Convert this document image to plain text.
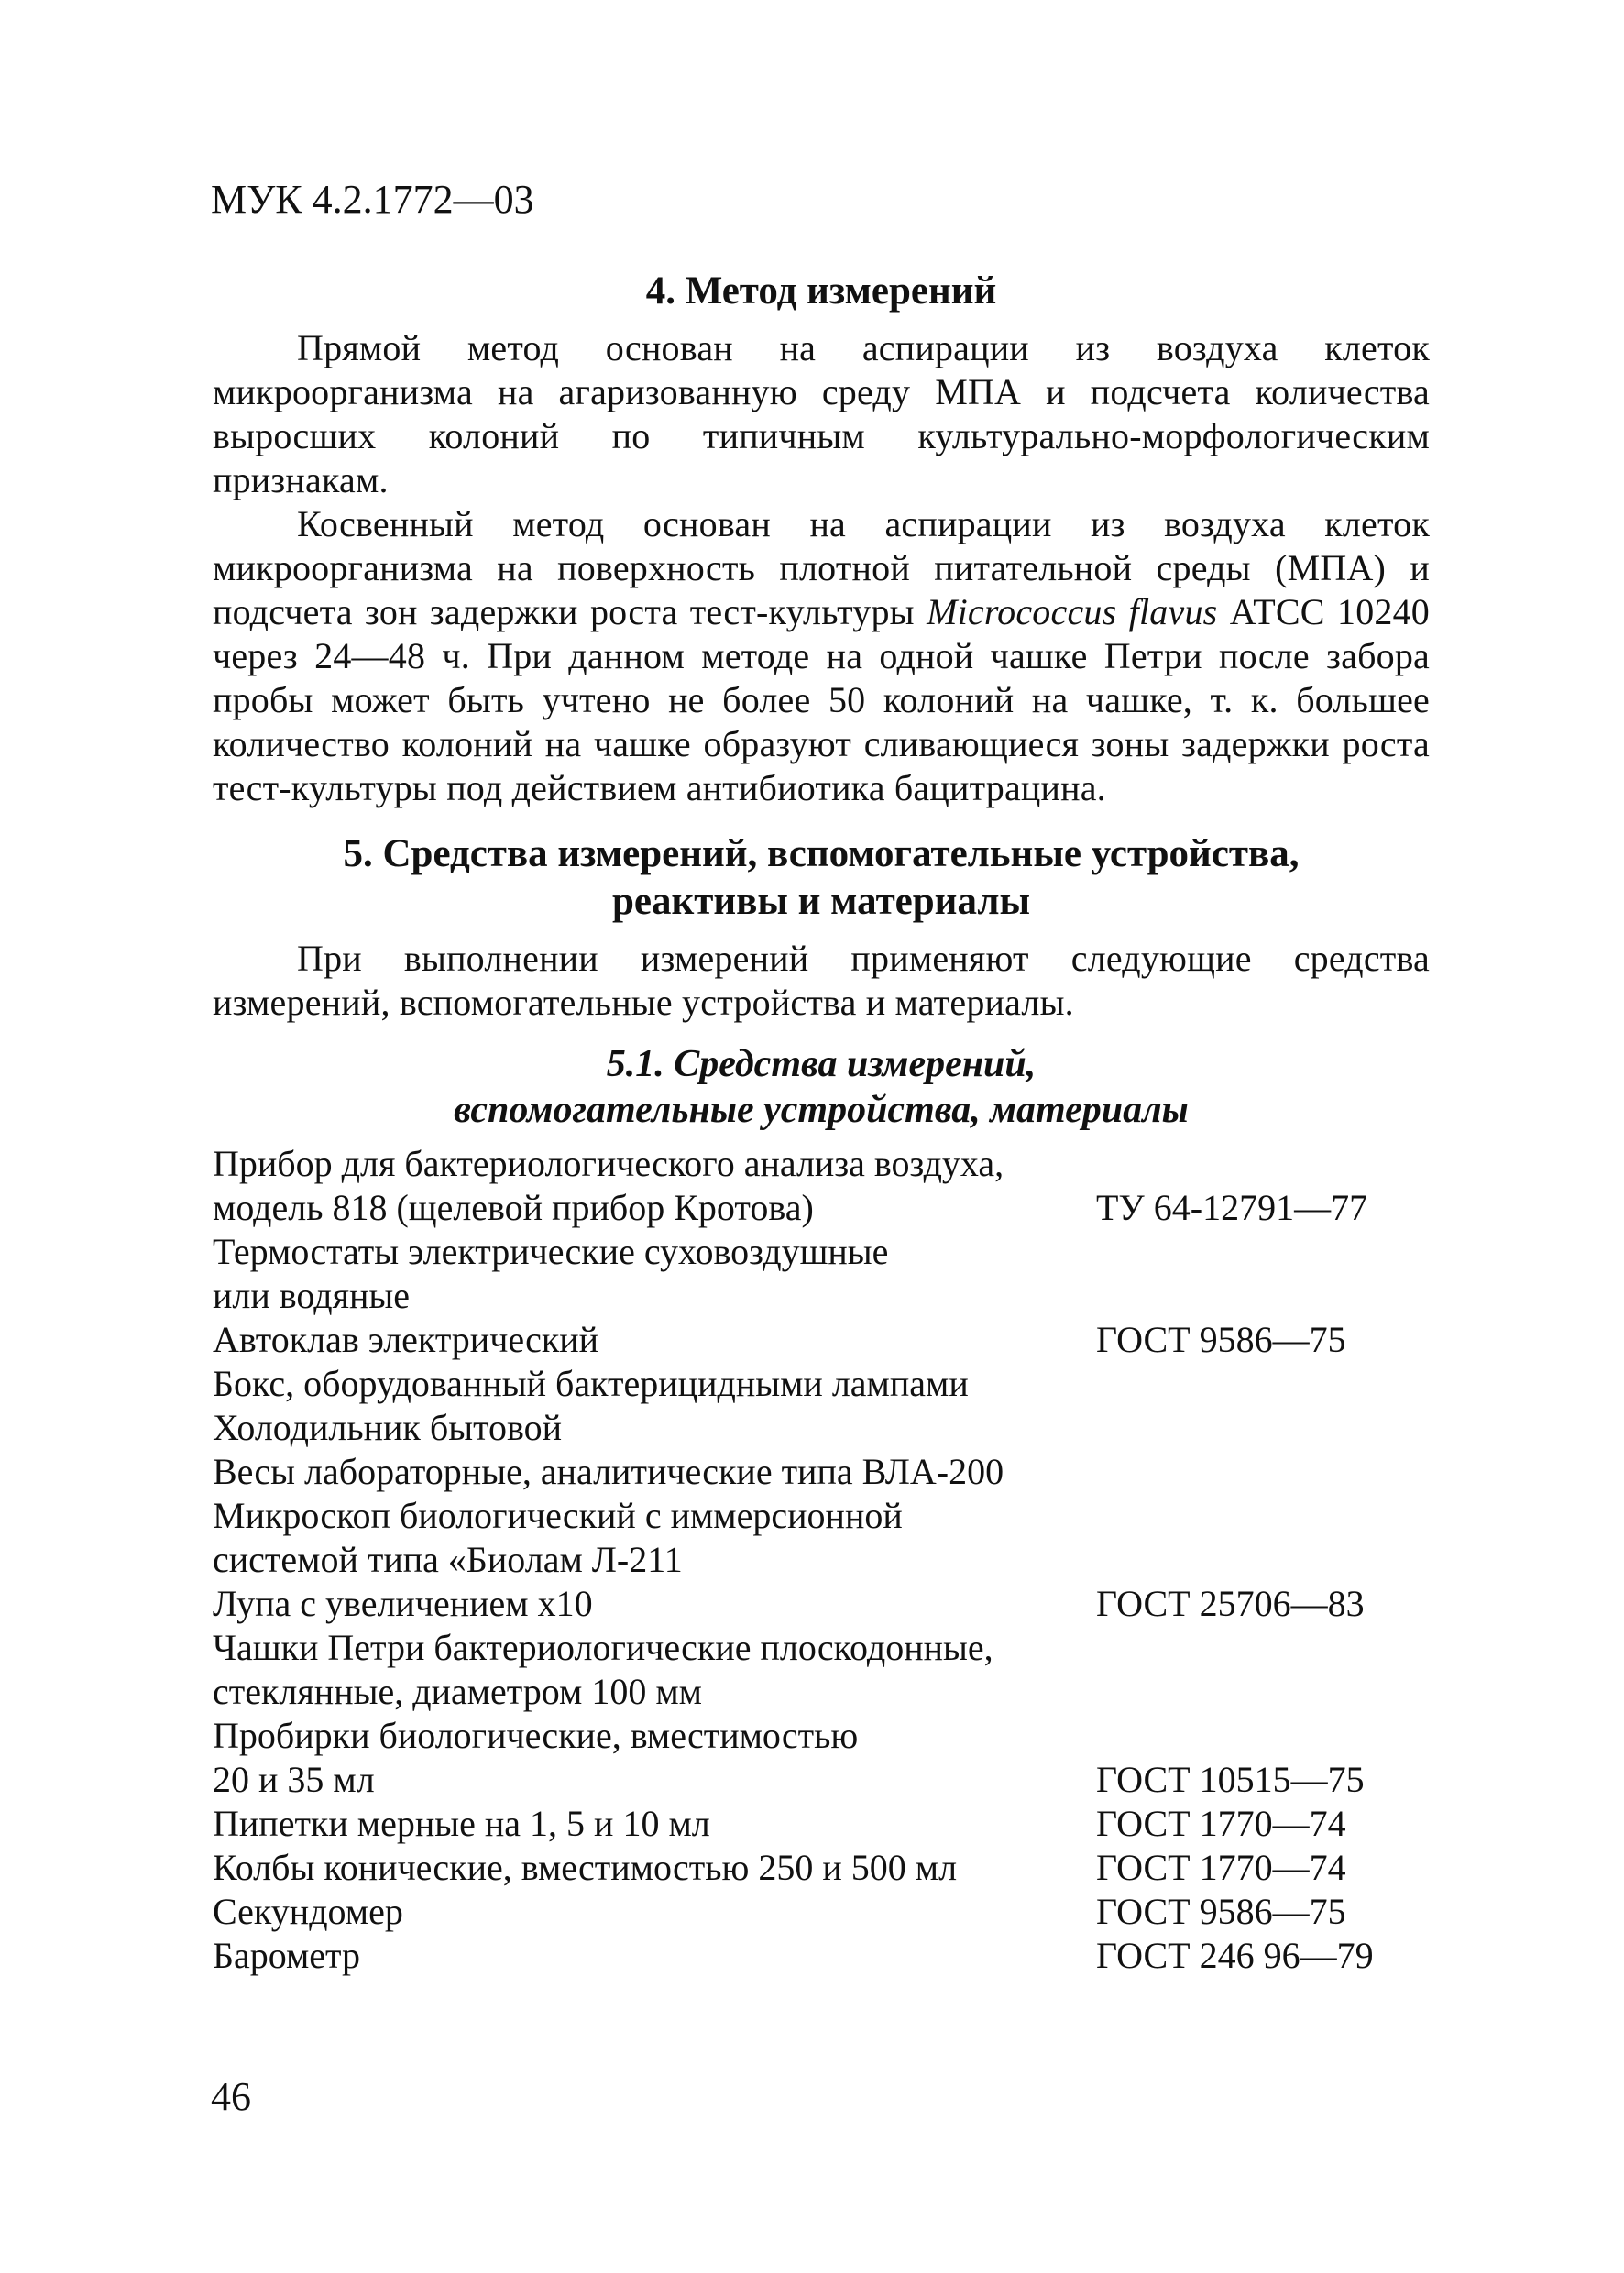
МУК 4.2.1772—03
4. Метод измерений

Прямой метод основан на аспирации из воздуха клеток микроорганизма на агаризованную среду МПА и подсчета количества выросших колоний по типичным культурально-морфологическим признакам.

Косвенный метод основан на аспирации из воздуха клеток микроорганизма на поверхность плотной питательной среды (МПА) и подсчета зон задержки роста тест-культуры Micrococcus flavus АТСС 10240 через 24—48 ч. При данном методе на одной чашке Петри после забора пробы может быть учтено не более 50 колоний на чашке, т. к. большее количество колоний на чашке образуют сливающиеся зоны задержки роста тест-культуры под действием антибиотика бацитрацина.

5. Средства измерений, вспомогательные устройства,
реактивы и материалы

При выполнении измерений применяют следующие средства измерений, вспомогательные устройства и материалы.

5.1. Средства измерений,
вспомогательные устройства, материалы
Прибор для бактериологического анализа воздуха,
модель 818 (щелевой прибор Кротова)	ТУ 64-12791—77
Термостаты электрические суховоздушные
или водяные
Автоклав электрический	ГОСТ 9586—75
Бокс, оборудованный бактерицидными лампами
Холодильник бытовой
Весы лабораторные, аналитические типа ВЛА-200
Микроскоп биологический с иммерсионной
системой типа «Биолам Л-211
Лупа с увеличением х10	ГОСТ 25706—83
Чашки Петри бактериологические плоскодонные,
стеклянные, диаметром 100 мм
Пробирки биологические, вместимостью
20 и 35 мл	ГОСТ 10515—75
Пипетки мерные на 1, 5 и 10 мл	ГОСТ 1770—74
Колбы конические, вместимостью 250 и 500 мл	ГОСТ 1770—74
Секундомер	ГОСТ 9586—75
Барометр	ГОСТ 246 96—79
46
